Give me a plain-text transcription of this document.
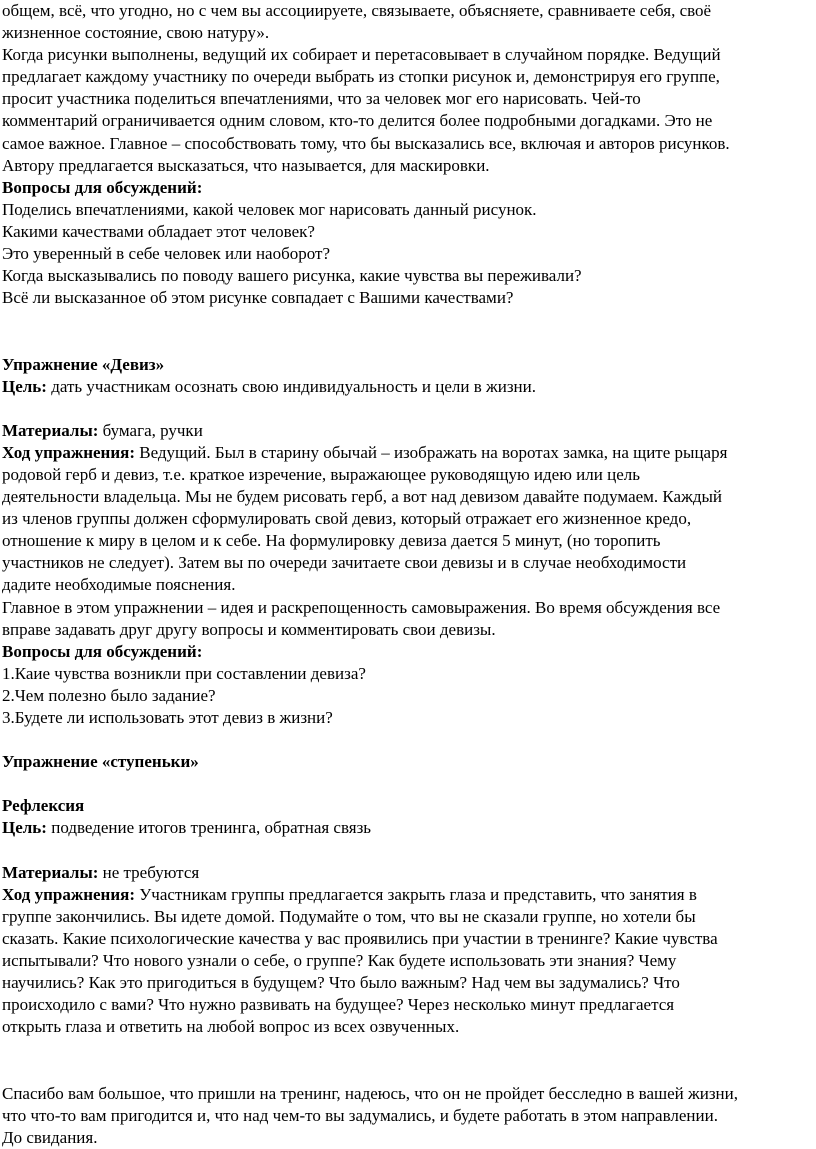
общем, всё, что угодно, но с чем вы ассоциируете, связываете, объясняете, сравниваете себя, своё
жизненное состояние, свою натуру».
Когда рисунки выполнены, ведущий их собирает и перетасовывает в случайном порядке. Ведущий
предлагает каждому участнику по очереди выбрать из стопки рисунок и, демонстрируя его группе,
просит участника поделиться впечатлениями, что за человек мог его нарисовать. Чей-то
комментарий ограничивается одним словом, кто-то делится более подробными догадками. Это не
самое важное. Главное – способствовать тому, что бы высказались все, включая и авторов рисунков.
Автору предлагается высказаться, что называется, для маскировки.
Вопросы для обсуждений:
Поделись впечатлениями, какой человек мог нарисовать данный рисунок.
Какими качествами обладает этот человек?
Это уверенный в себе человек или наоборот?
Когда высказывались по поводу вашего рисунка, какие чувства вы переживали?
Всё ли высказанное об этом рисунке совпадает с Вашими качествами?
Упражнение «Девиз»
Цель: дать участникам осознать свою индивидуальность и цели в жизни.
Материалы: бумага, ручки
Ход упражнения: Ведущий. Был в старину обычай – изображать на воротах замка, на щите рыцаря
родовой герб и девиз, т.е. краткое изречение, выражающее руководящую идею или цель
деятельности владельца. Мы не будем рисовать герб, а вот над девизом давайте подумаем. Каждый
из членов группы должен сформулировать свой девиз, который отражает его жизненное кредо,
отношение к миру в целом и к себе. На формулировку девиза дается 5 минут, (но торопить
участников не следует). Затем вы по очереди зачитаете свои девизы и в случае необходимости
дадите необходимые пояснения.
Главное в этом упражнении – идея и раскрепощенность самовыражения. Во время обсуждения все
вправе задавать друг другу вопросы и комментировать свои девизы.
Вопросы для обсуждений:
1.Каие чувства возникли при составлении девиза?
2.Чем полезно было задание?
3.Будете ли использовать этот девиз в жизни?
Упражнение «ступеньки»
Рефлексия
Цель: подведение итогов тренинга, обратная связь
Материалы: не требуются
Ход упражнения: Участникам группы предлагается закрыть глаза и представить, что занятия в
группе закончились. Вы идете домой. Подумайте о том, что вы не сказали группе, но хотели бы
сказать. Какие психологические качества у вас проявились при участии в тренинге? Какие чувства
испытывали? Что нового узнали о себе, о группе? Как будете использовать эти знания? Чему
научились? Как это пригодиться в будущем? Что было важным? Над чем вы задумались? Что
происходило с вами? Что нужно развивать на будущее? Через несколько минут предлагается
открыть глаза и ответить на любой вопрос из всех озвученных.
Спасибо вам большое, что пришли на тренинг, надеюсь, что он не пройдет бесследно в вашей жизни,
что что-то вам пригодится и, что над чем-то вы задумались, и будете работать в этом направлении.
До свидания.
